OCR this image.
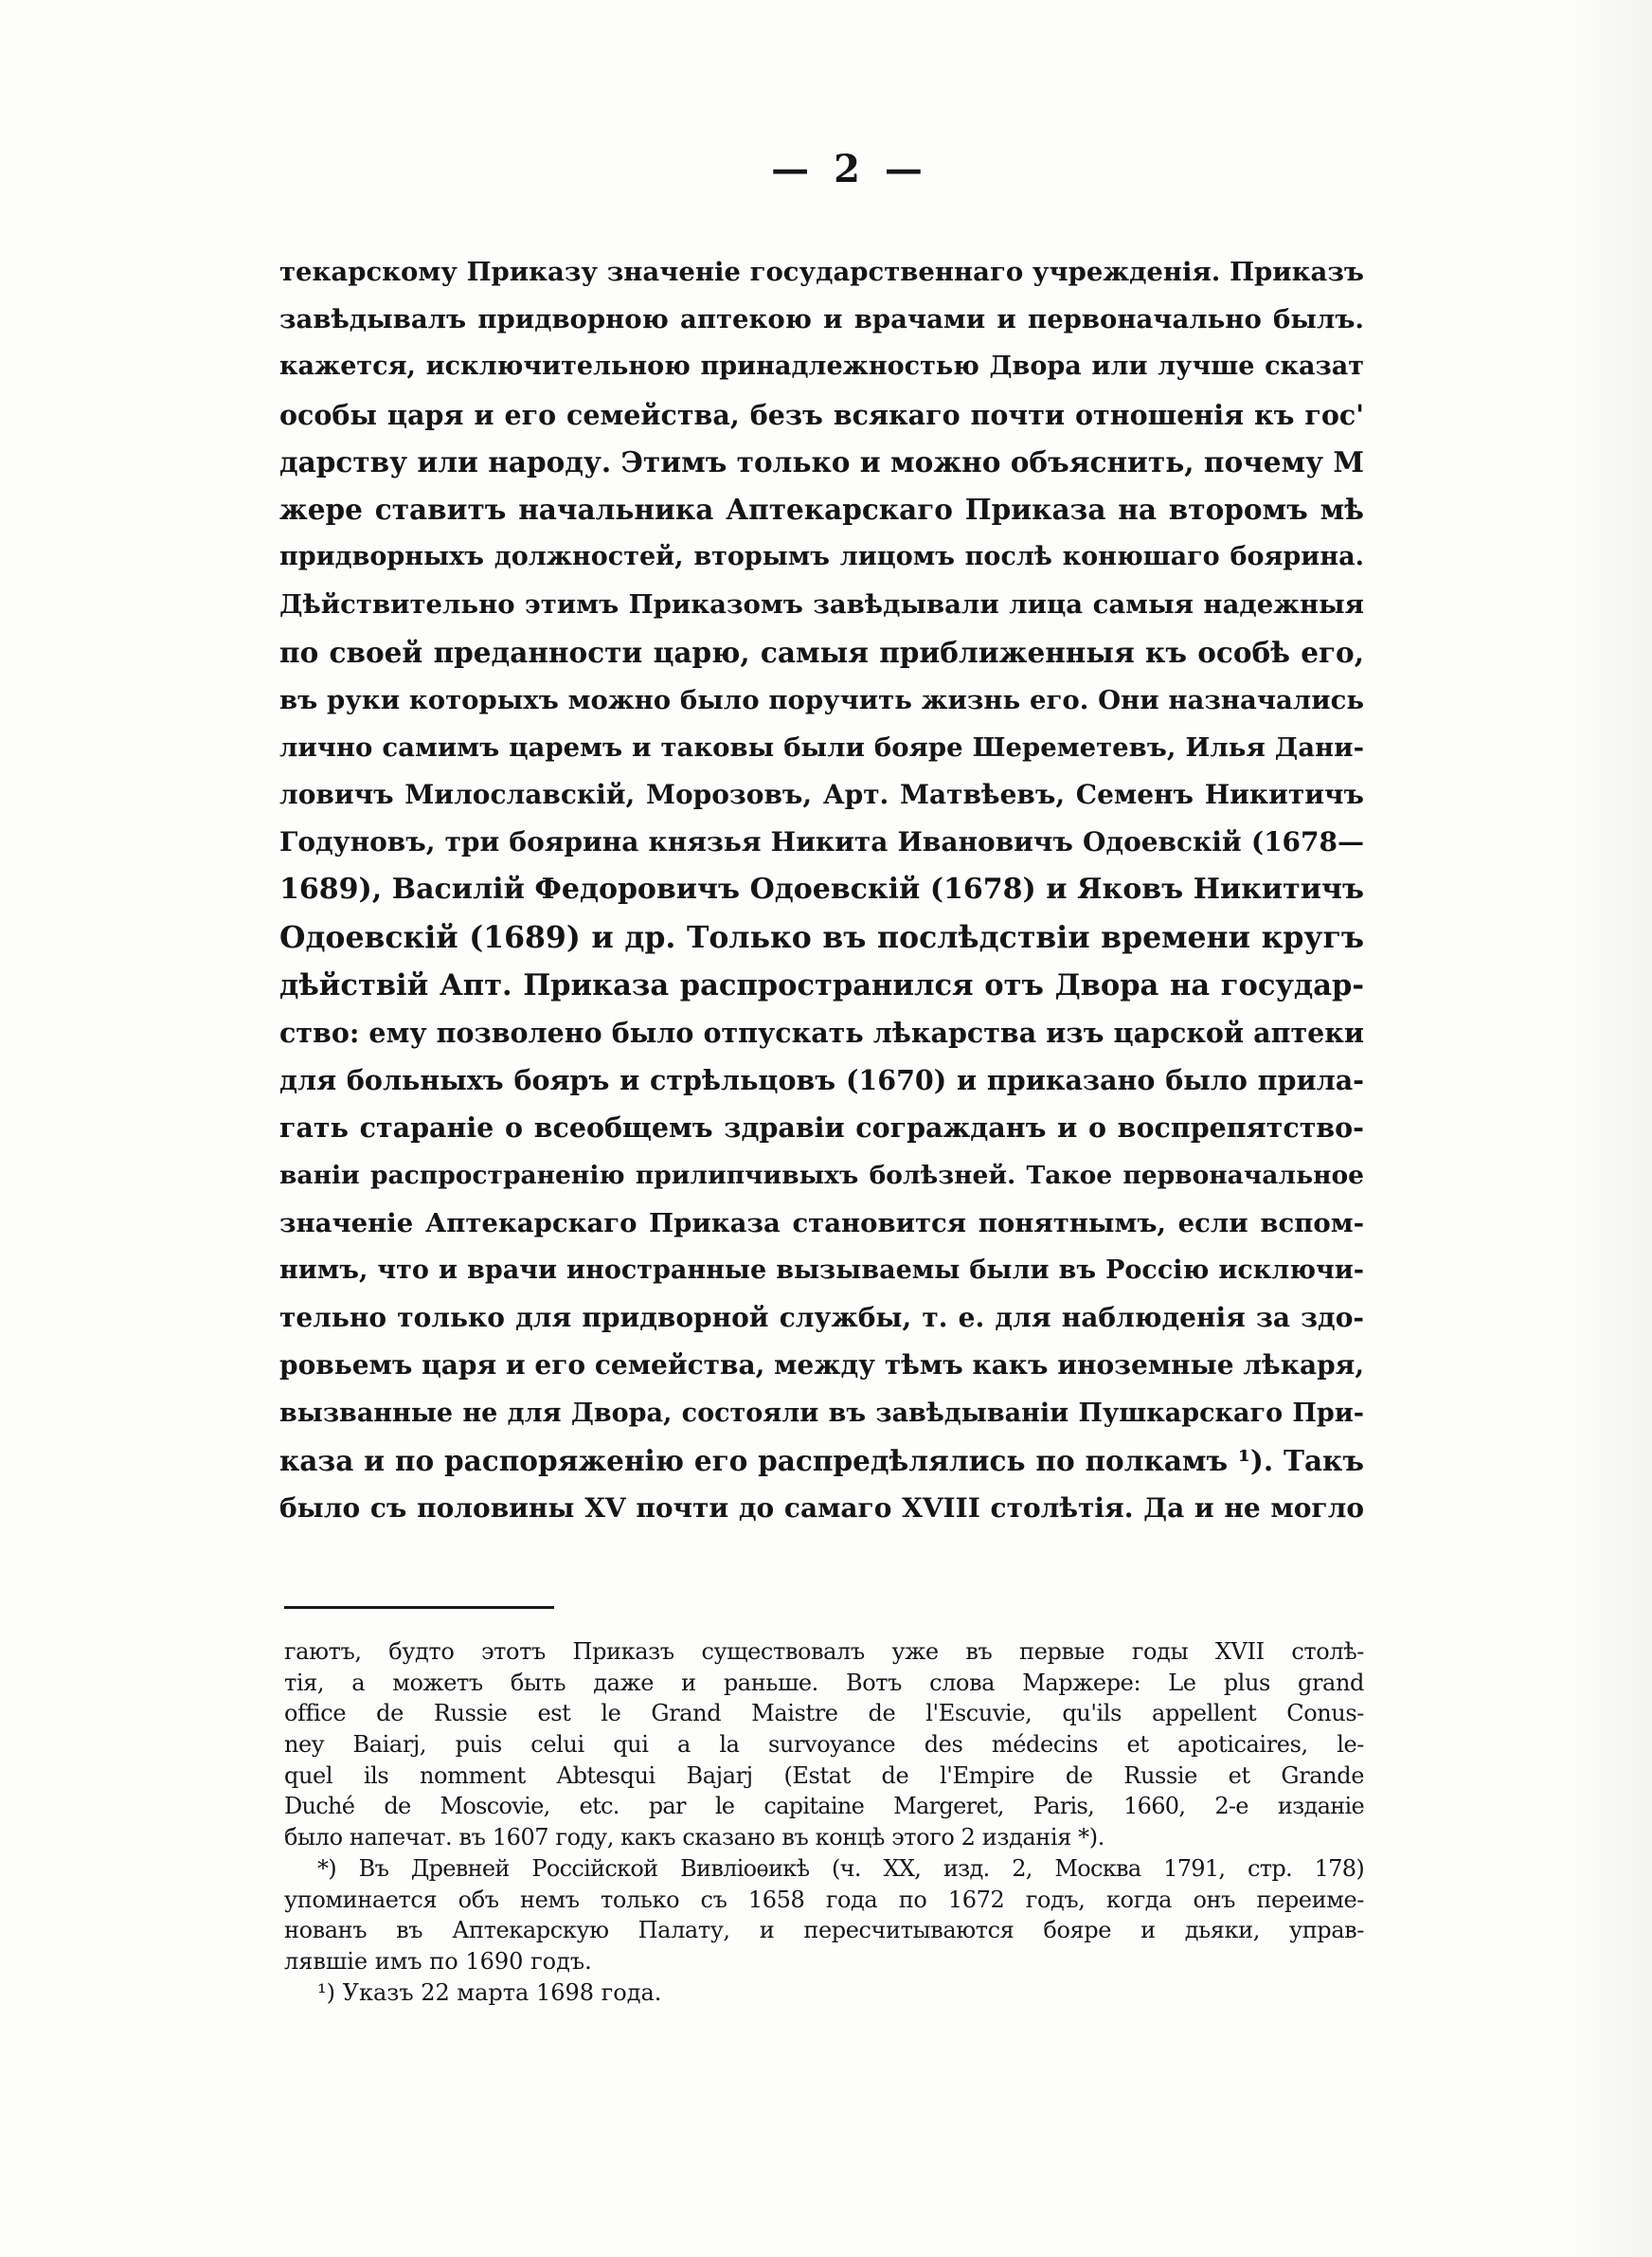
— 2 —
текарскому Приказу значенiе государственнаго учрежденiя. Приказъ
завѣдывалъ придворною аптекою и врачами и первоначально былъ.
кажется, исключительною принадлежностью Двора или лучше сказат
особы царя и его семейства, безъ всякаго почти отношенiя къ гос'
дарству или народу. Этимъ только и можно объяснить, почему М
жере ставитъ начальника Аптекарскаго Приказа на второмъ мѣ
придворныхъ должностей, вторымъ лицомъ послѣ конюшаго боярина.
Дѣйствительно этимъ Приказомъ завѣдывали лица самыя надежныя
по своей преданности царю, самыя приближенныя къ особѣ его,
въ руки которыхъ можно было поручить жизнь его. Они назначались
лично самимъ царемъ и таковы были бояре Шереметевъ, Илья Дани-
ловичъ Милославскiй, Морозовъ, Арт. Матвѣевъ, Семенъ Никитичъ
Годуновъ, три боярина князья Никита Ивановичъ Одоевскiй (1678—
1689), Василiй Федоровичъ Одоевскiй (1678) и Яковъ Никитичъ
Одоевскiй (1689) и др. Только въ послѣдствiи времени кругъ
дѣйствiй Апт. Приказа распространился отъ Двора на государ-
ство: ему позволено было отпускать лѣкарства изъ царской аптеки
для больныхъ бояръ и стрѣльцовъ (1670) и приказано было прила-
гать старанiе о всеобщемъ здравiи согражданъ и о воспрепятство-
ванiи распространенiю прилипчивыхъ болѣзней. Такое первоначальное
значенiе Аптекарскаго Приказа становится понятнымъ, если вспом-
нимъ, что и врачи иностранные вызываемы были въ Россiю исключи-
тельно только для придворной службы, т. е. для наблюденiя за здо-
ровьемъ царя и его семейства, между тѣмъ какъ иноземные лѣкаря,
вызванные не для Двора, состояли въ завѣдыванiи Пушкарскаго При-
каза и по распоряженiю его распредѣлялись по полкамъ ¹). Такъ
было съ половины XV почти до самаго XVIII столѣтiя. Да и не могло
гаютъ, будто этотъ Приказъ существовалъ уже въ первые годы XVII столѣ-
тiя, а можетъ быть даже и раньше. Вотъ слова Маржере: Le plus grand
office de Russie est le Grand Maistre de l'Escuvie, qu'ils appellent Conus-
ney Baiarj, puis celui qui a la survoyance des médecins et apoticaires, le-
quel ils nomment Abtesqui Bajarj (Estat de l'Empire de Russie et Grande
Duché de Moscovie, etc. par le capitaine Margeret, Paris, 1660, 2-е изданiе
было напечат. въ 1607 году, какъ сказано въ концѣ этого 2 изданiя *).
*) Въ Древней Россiйской Вивлiоѳикѣ (ч. XX, изд. 2, Москва 1791, стр. 178)
упоминается объ немъ только съ 1658 года по 1672 годъ, когда онъ переиме-
нованъ въ Аптекарскую Палату, и пересчитываются бояре и дьяки, управ-
лявшiе имъ по 1690 годъ.
¹) Указъ 22 марта 1698 года.
